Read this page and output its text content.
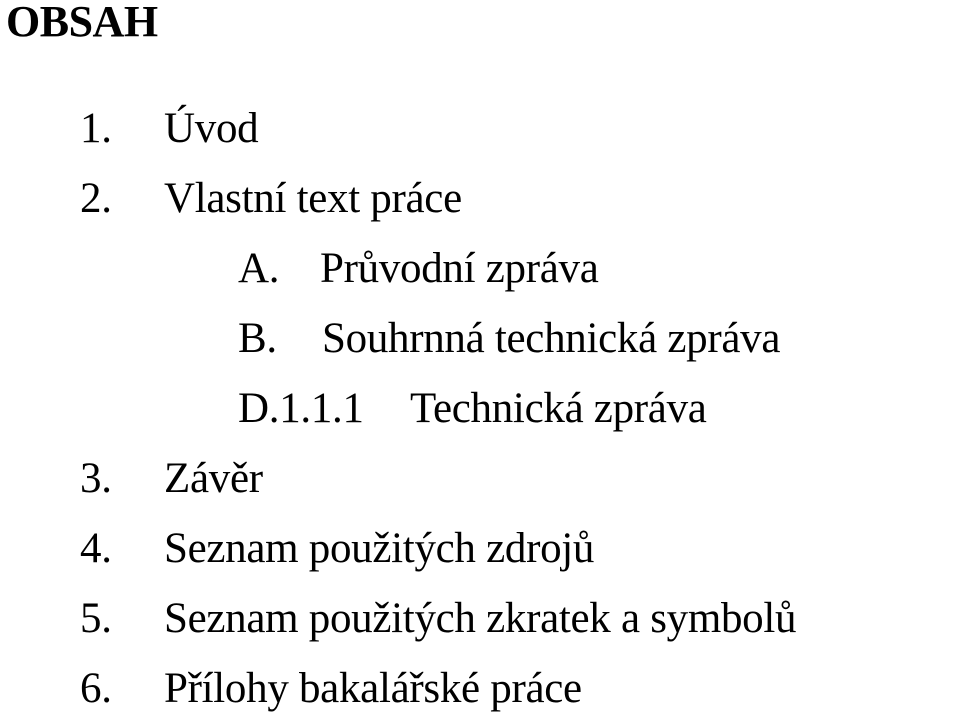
OBSAH
1. Úvod
2. Vlastní text práce
A. Průvodní zpráva
B. Souhrnná technická zpráva
D.1.1.1 Technická zpráva
3. Závěr
4. Seznam použitých zdrojů
5. Seznam použitých zkratek a symbolů
6. Přílohy bakalářské práce
